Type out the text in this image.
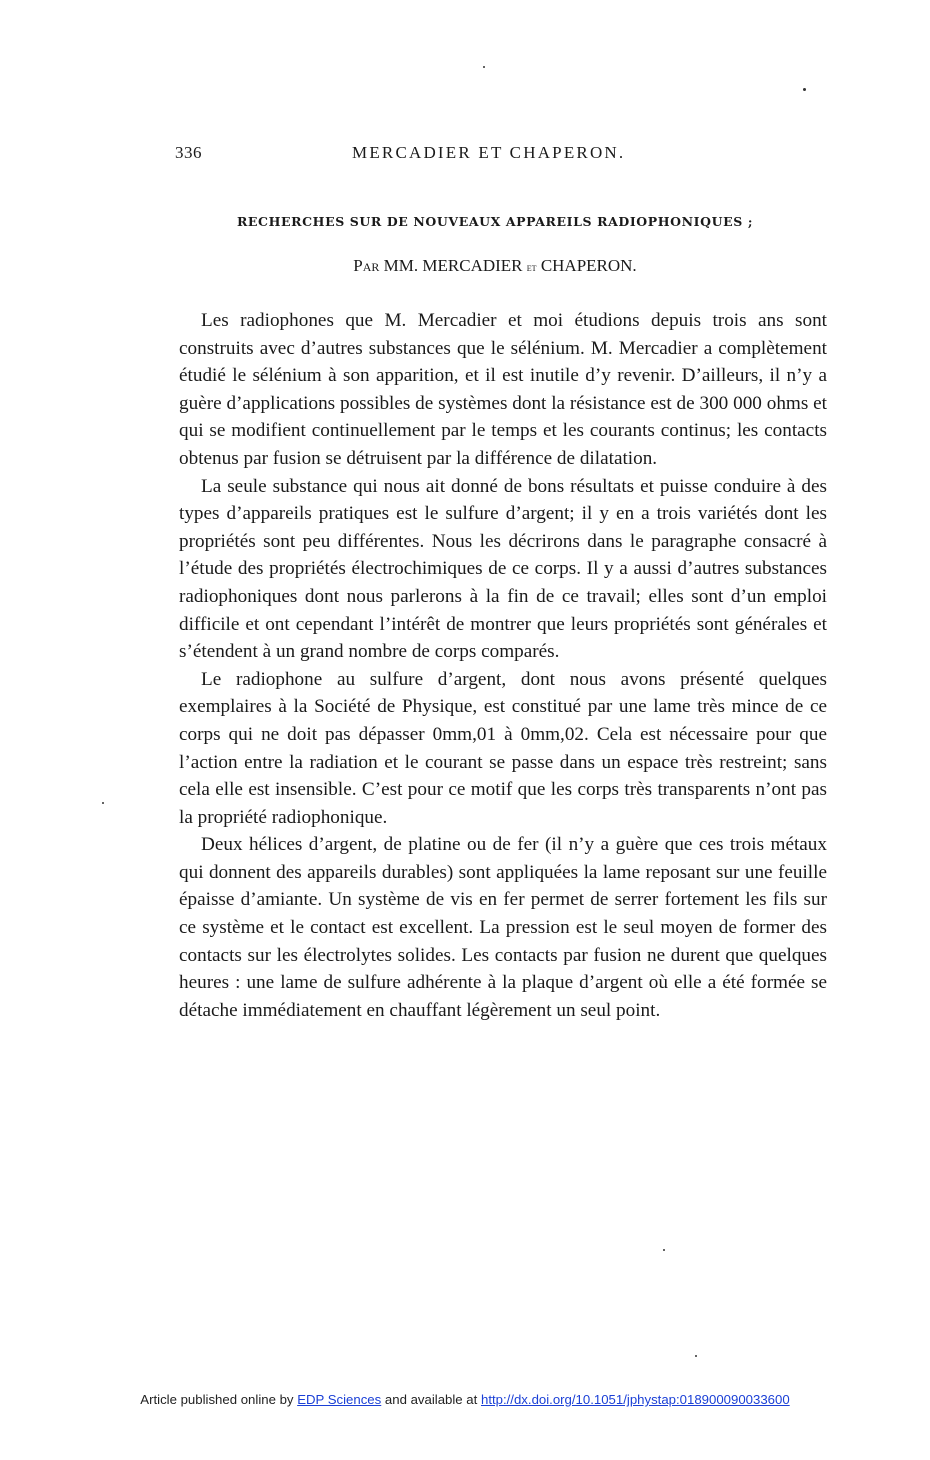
336	MERCADIER ET CHAPERON.
RECHERCHES SUR DE NOUVEAUX APPAREILS RADIOPHONIQUES ;
Par MM. MERCADIER et CHAPERON.

Les radiophones que M. Mercadier et moi étudions depuis trois ans sont construits avec d’autres substances que le sélénium. M. Mercadier a complètement étudié le sélénium à son apparition, et il est inutile d’y revenir. D’ailleurs, il n’y a guère d’applications possibles de systèmes dont la résistance est de 300 000 ohms et qui se modifient continuellement par le temps et les courants continus; les contacts obtenus par fusion se détruisent par la différence de dilatation.

La seule substance qui nous ait donné de bons résultats et puisse conduire à des types d’appareils pratiques est le sulfure d’argent; il y en a trois variétés dont les propriétés sont peu différentes. Nous les décrirons dans le paragraphe consacré à l’étude des propriétés électrochimiques de ce corps. Il y a aussi d’autres substances radiophoniques dont nous parlerons à la fin de ce travail; elles sont d’un emploi difficile et ont cependant l’intérêt de montrer que leurs propriétés sont générales et s’étendent à un grand nombre de corps comparés.

Le radiophone au sulfure d’argent, dont nous avons présenté quelques exemplaires à la Société de Physique, est constitué par une lame très mince de ce corps qui ne doit pas dépasser 0mm,01 à 0mm,02. Cela est nécessaire pour que l’action entre la radiation et le courant se passe dans un espace très restreint; sans cela elle est insensible. C’est pour ce motif que les corps très transparents n’ont pas la propriété radiophonique.

Deux hélices d’argent, de platine ou de fer (il n’y a guère que ces trois métaux qui donnent des appareils durables) sont appliquées la lame reposant sur une feuille épaisse d’amiante. Un système de vis en fer permet de serrer fortement les fils sur ce système et le contact est excellent. La pression est le seul moyen de former des contacts sur les électrolytes solides. Les contacts par fusion ne durent que quelques heures : une lame de sulfure adhérente à la plaque d’argent où elle a été formée se détache immédiatement en chauffant légèrement un seul point.

Article published online by EDP Sciences and available at http://dx.doi.org/10.1051/jphystap:018900090033600
